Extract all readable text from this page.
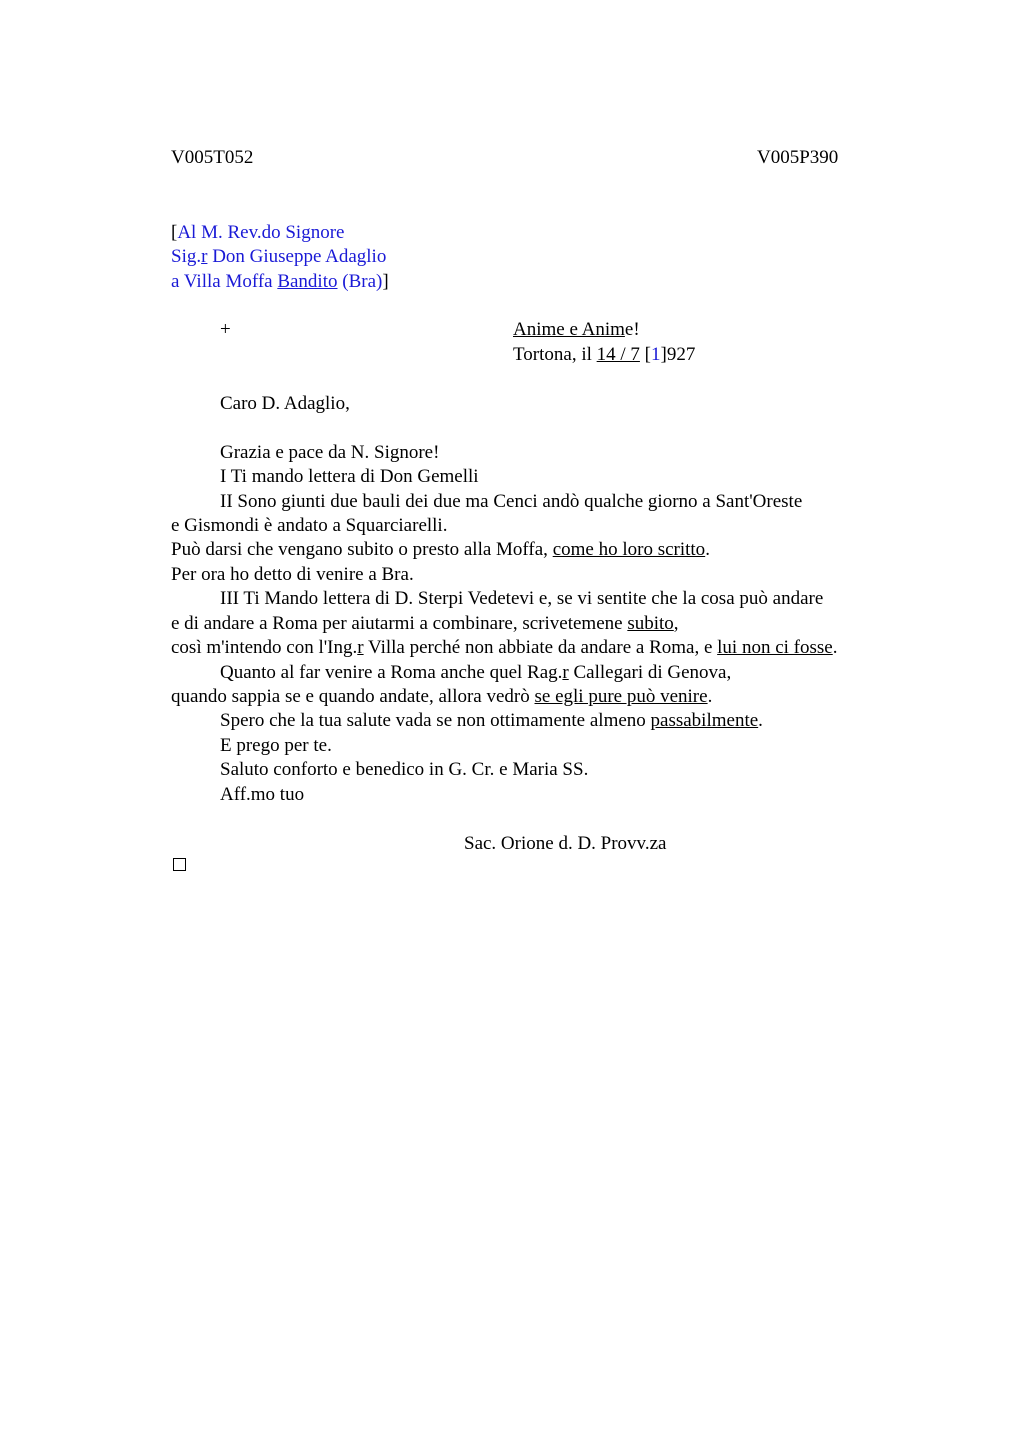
V005T052	V005P390
[Al M. Rev.do Signore
Sig.r Don Giuseppe Adaglio
a Villa Moffa Bandito (Bra)]
+	Anime e Anime!
Tortona, il 14 / 7 [1]927
Caro D. Adaglio,
Grazia e pace da N. Signore!
I Ti mando lettera di Don Gemelli
II Sono giunti due bauli dei due ma Cenci andò qualche giorno a Sant'Oreste
e Gismondi è andato a Squarciarelli.
Può darsi che vengano subito o presto alla Moffa, come ho loro scritto.
Per ora ho detto di venire a Bra.
III Ti Mando lettera di D. Sterpi Vedetevi e, se vi sentite che la cosa può andare
e di andare a Roma per aiutarmi a combinare, scrivetemene subito,
così m'intendo con l'Ing.r Villa perché non abbiate da andare a Roma, e lui non ci fosse.
Quanto al far venire a Roma anche quel Rag.r Callegari di Genova,
quando sappia se e quando andate, allora vedrò se egli pure può venire.
Spero che la tua salute vada se non ottimamente almeno passabilmente.
E prego per te.
Saluto conforto e benedico in G. Cr. e Maria SS.
Aff.mo tuo
Sac. Orione d. D. Provv.za
